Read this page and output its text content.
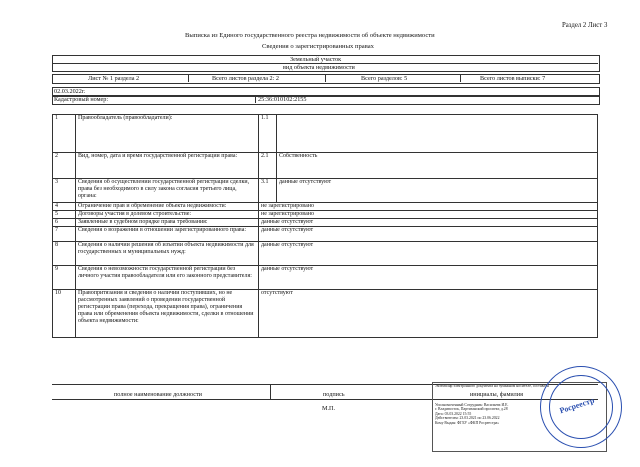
Раздел 2 Лист 3
Выписка из Единого государственного реестра недвижимости об объекте недвижимости
Сведения о зарегистрированных правах
Земельный участок
вид объекта недвижимости
Лист № 1 раздела 2	Всего листов раздела 2: 2	Всего разделов: 5	Всего листов выписки: 7
02.03.2022г.
Кадастровый номер:	25:36:010102:2155
1	Правообладатель (правообладатели):	1.1	
2	Вид, номер, дата и время государственной регистрации права:	2.1	Собственность
3	Сведения об осуществлении государственной регистрации сделки, права без необходимого в силу закона согласия третьего лица, органа:	3.1	данные отсутствуют
4	Ограничение прав и обременение объекта недвижимости:	не зарегистрировано	
5	Договоры участия в долевом строительстве:	не зарегистрировано	
6	Заявленные в судебном порядке права требования:	данные отсутствуют	
7	Сведения о возражении в отношении зарегистрированного права:	данные отсутствуют	
8	Сведения о наличии решения об изъятии объекта недвижимости для государственных и муниципальных нужд:	данные отсутствуют	
9	Сведения о невозможности государственной регистрации без личного участия правообладателя или его законного представителя:	данные отсутствуют	
10	Правопритязания и сведения о наличии поступивших, но не рассмотренных заявлений о проведении государственной регистрации права (перехода, прекращения права), ограничения права или обременения объекта недвижимости, сделки в отношении объекта недвижимости:	отсутствуют	
полное наименование должности	подпись	инициалы, фамилия
М.П.
Экземпляр электронного документа на бумажном носителе, составлен
Уполномоченный Сотрудник: Васильева И.Е.
г. Владивосток, Партизанский проспект, д.28
Дата: 03.03.2022 15:55
Действителен: 23.03.2021 по 23.06.2022
Кому Выдан: ФГБУ «ФКП Росреестра»
Росреестр
